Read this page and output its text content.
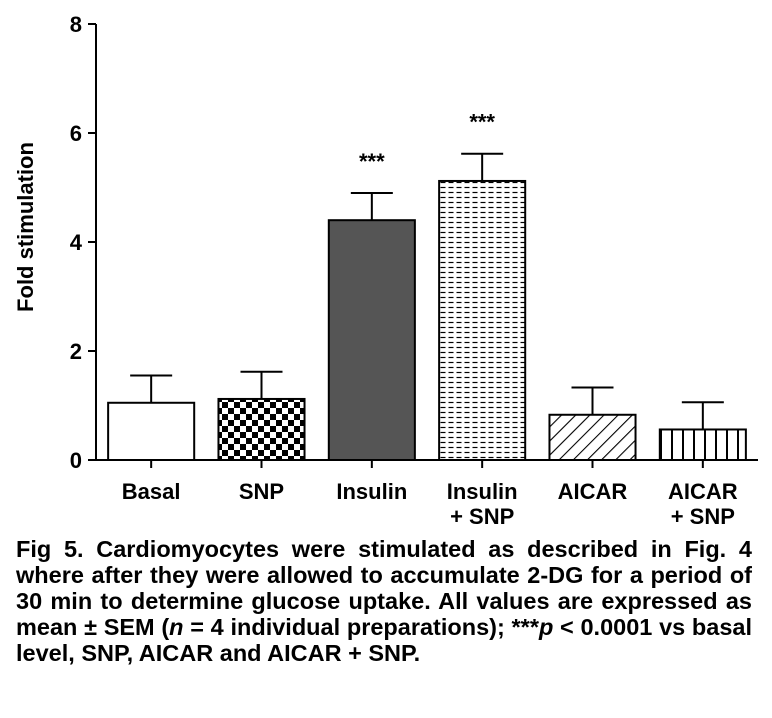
Fold stimulation
0
2
4
6
8
***
***
Basal	SNP Insulin Insulin
+ SNP
AICAR AICAR
+ SNP

Fig 5. Cardiomyocytes were stimulated as described in Fig. 4 where after they were allowed to accumulate 2-DG for a period of 30 min to determine glucose uptake. All values are expressed as mean ± SEM (n = 4 individual preparations); ***p < 0.0001 vs basal level, SNP, AICAR and AICAR + SNP.
